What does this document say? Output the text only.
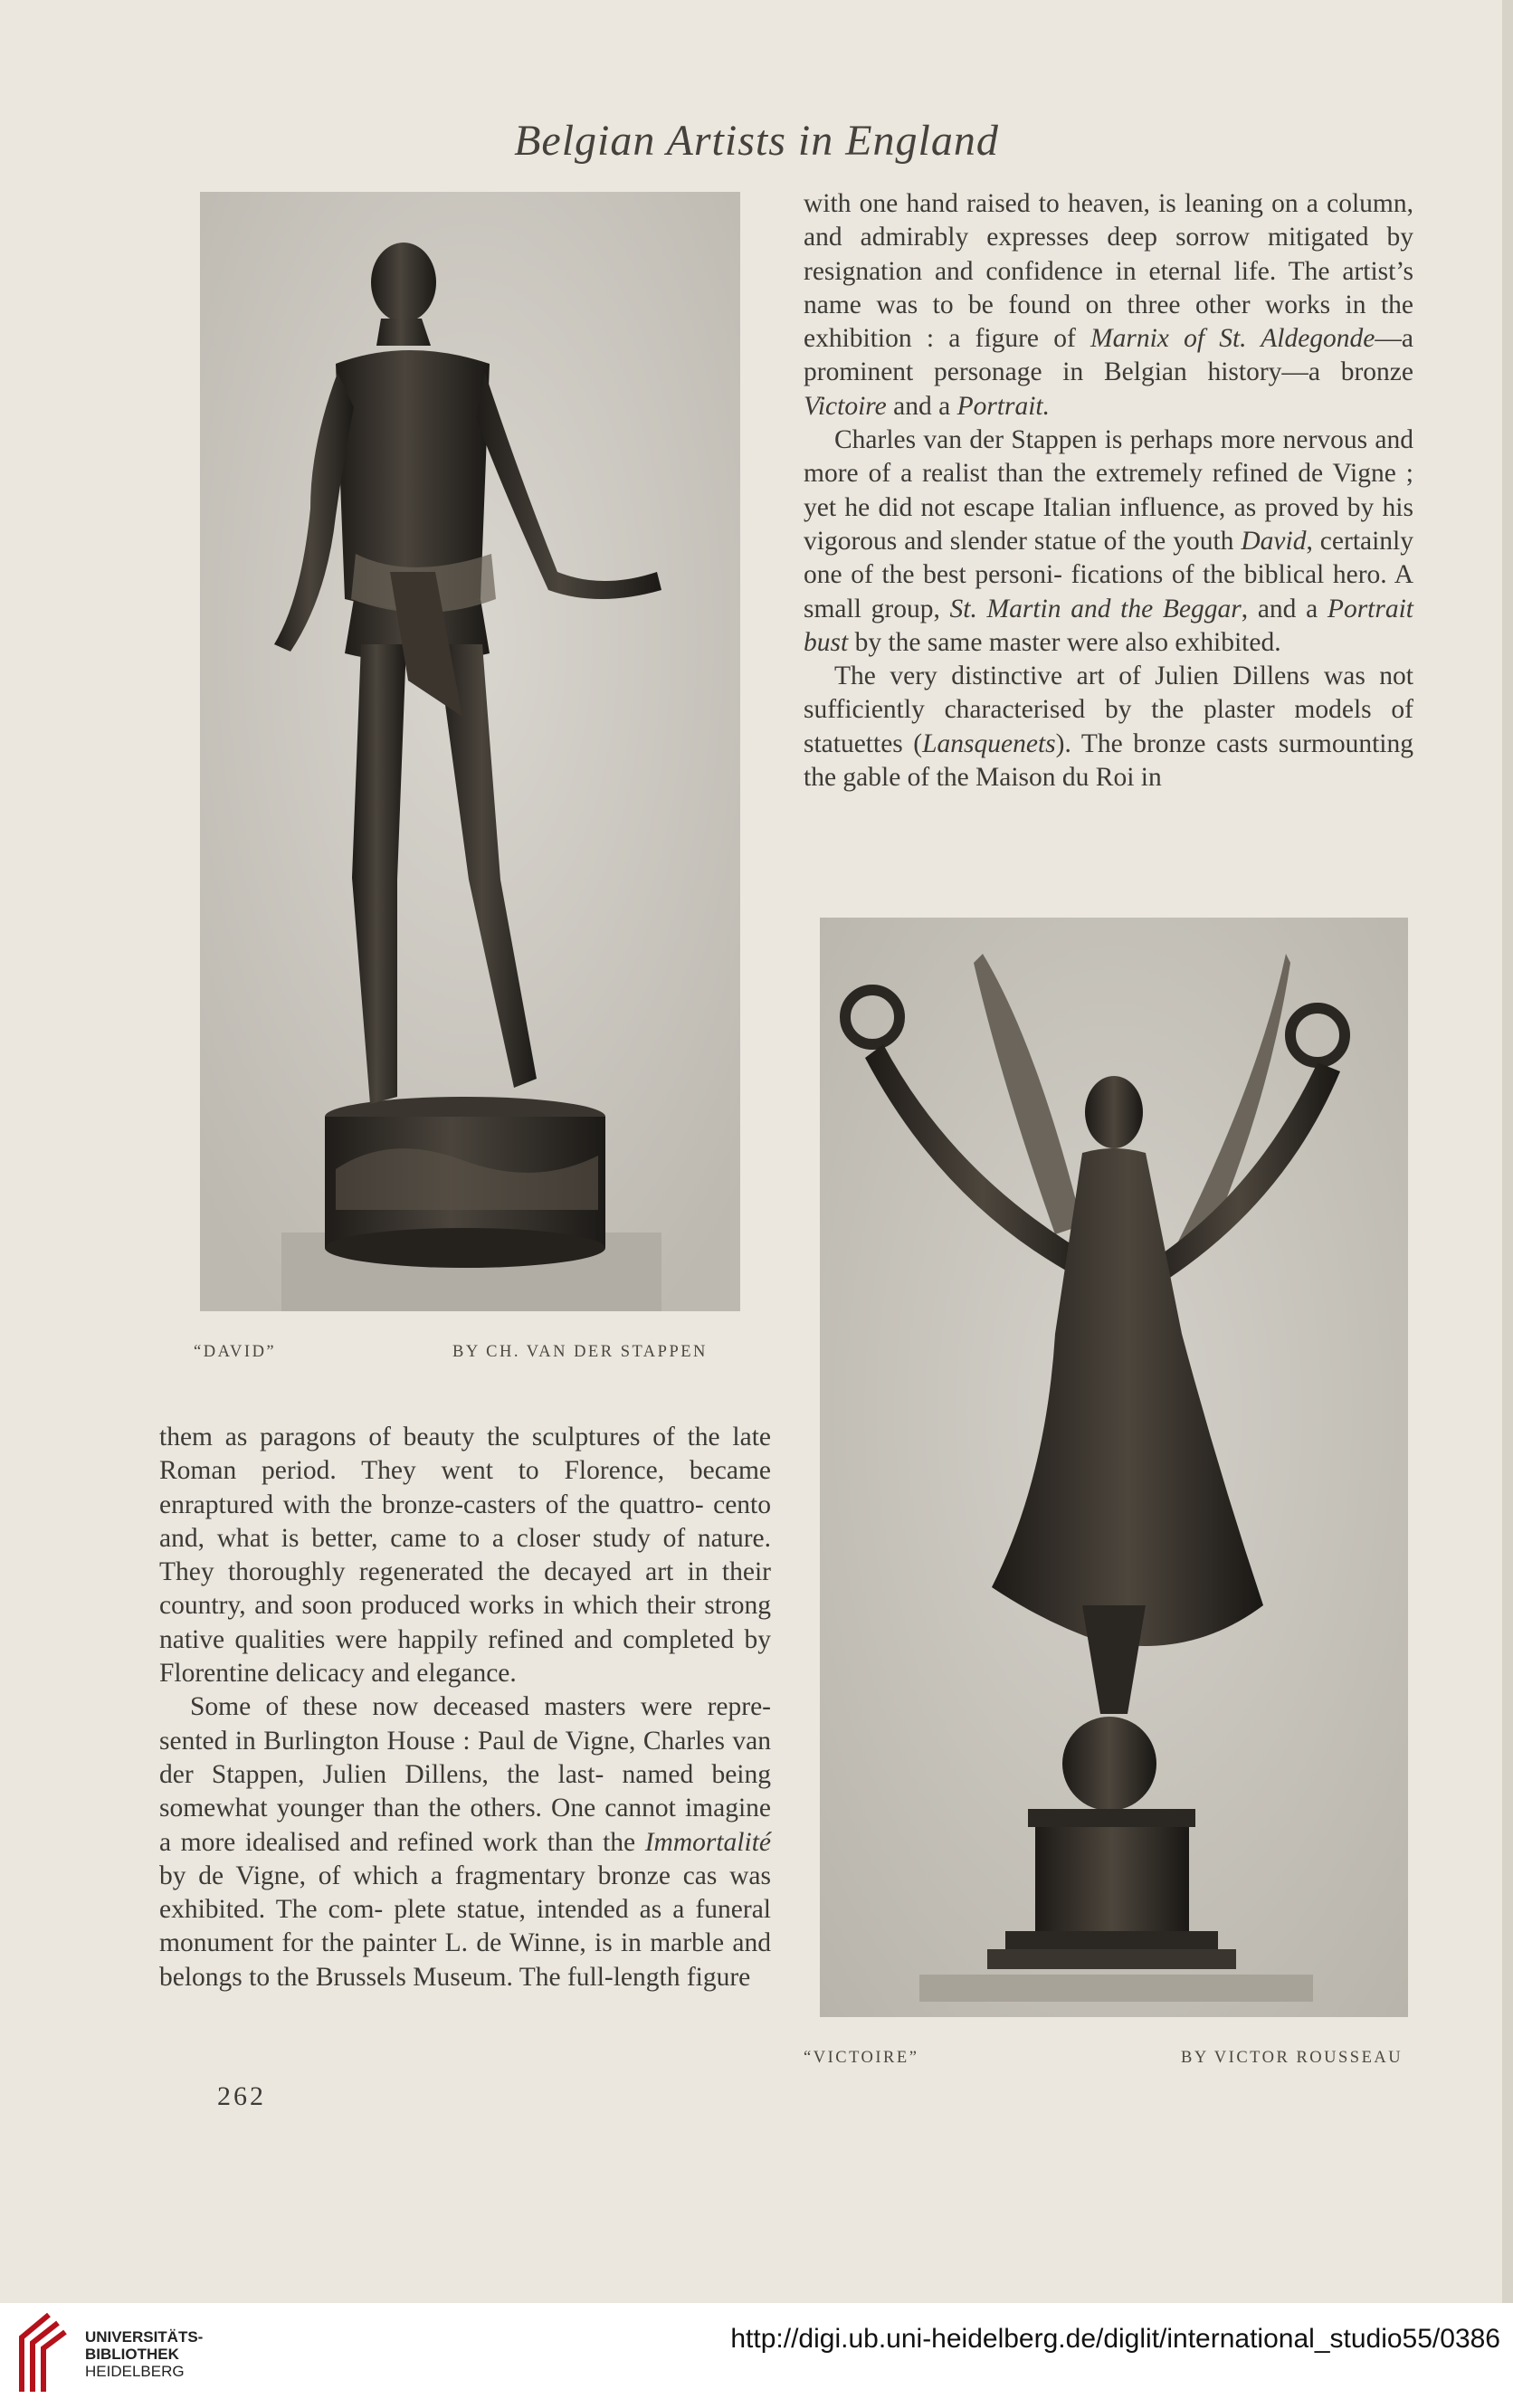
Belgian Artists in England

with one hand raised to heaven, is leaning on a column, and admirably expresses deep sorrow mitigated by resignation and confidence in eternal life. The artist’s name was to be found on three other works in the exhibition : a figure of Marnix of St. Aldegonde—a prominent personage in Belgian history—a bronze Victoire and a Portrait.

Charles van der Stappen is perhaps more nervous and more of a realist than the extremely refined de Vigne ; yet he did not escape Italian influence, as proved by his vigorous and slender statue of the youth David, certainly one of the best personi- fications of the biblical hero. A small group, St. Martin and the Beggar, and a Portrait bust by the same master were also exhibited.

The very distinctive art of Julien Dillens was not sufficiently characterised by the plaster models of statuettes (Lansquenets). The bronze casts surmounting the gable of the Maison du Roi in

“DAVID”	BY CH. VAN DER STAPPEN

them as paragons of beauty the sculptures of the late Roman period. They went to Florence, became enraptured with the bronze-casters of the quattro- cento and, what is better, came to a closer study of nature. They thoroughly regenerated the decayed art in their country, and soon produced works in which their strong native qualities were happily refined and completed by Florentine delicacy and elegance.

Some of these now deceased masters were repre- sented in Burlington House : Paul de Vigne, Charles van der Stappen, Julien Dillens, the last- named being somewhat younger than the others. One cannot imagine a more idealised and refined work than the Immortalité by de Vigne, of which a fragmentary bronze cas was exhibited. The com- plete statue, intended as a funeral monument for the painter L. de Winne, is in marble and belongs to the Brussels Museum. The full-length figure

“VICTOIRE”	BY VICTOR ROUSSEAU
262
UNIVERSITÄTS-
BIBLIOTHEK
HEIDELBERG
http://digi.ub.uni-heidelberg.de/diglit/international_studio55/0386
